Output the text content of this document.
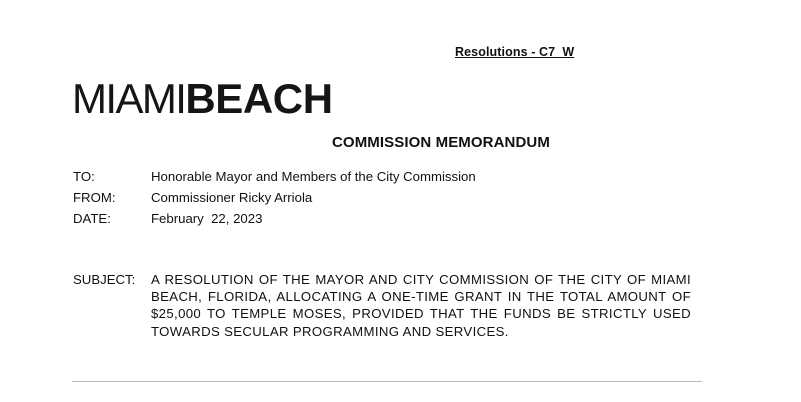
Resolutions - C7  W
MIAMIBEACH
COMMISSION MEMORANDUM
TO:	Honorable Mayor and Members of the City Commission
FROM:	Commissioner Ricky Arriola
DATE:	February  22, 2023
SUBJECT:	A RESOLUTION OF THE MAYOR AND CITY COMMISSION OF THE CITY OF MIAMI BEACH, FLORIDA, ALLOCATING A ONE-TIME GRANT IN THE TOTAL AMOUNT OF $25,000 TO TEMPLE MOSES, PROVIDED THAT THE FUNDS BE STRICTLY USED TOWARDS SECULAR PROGRAMMING AND SERVICES.
